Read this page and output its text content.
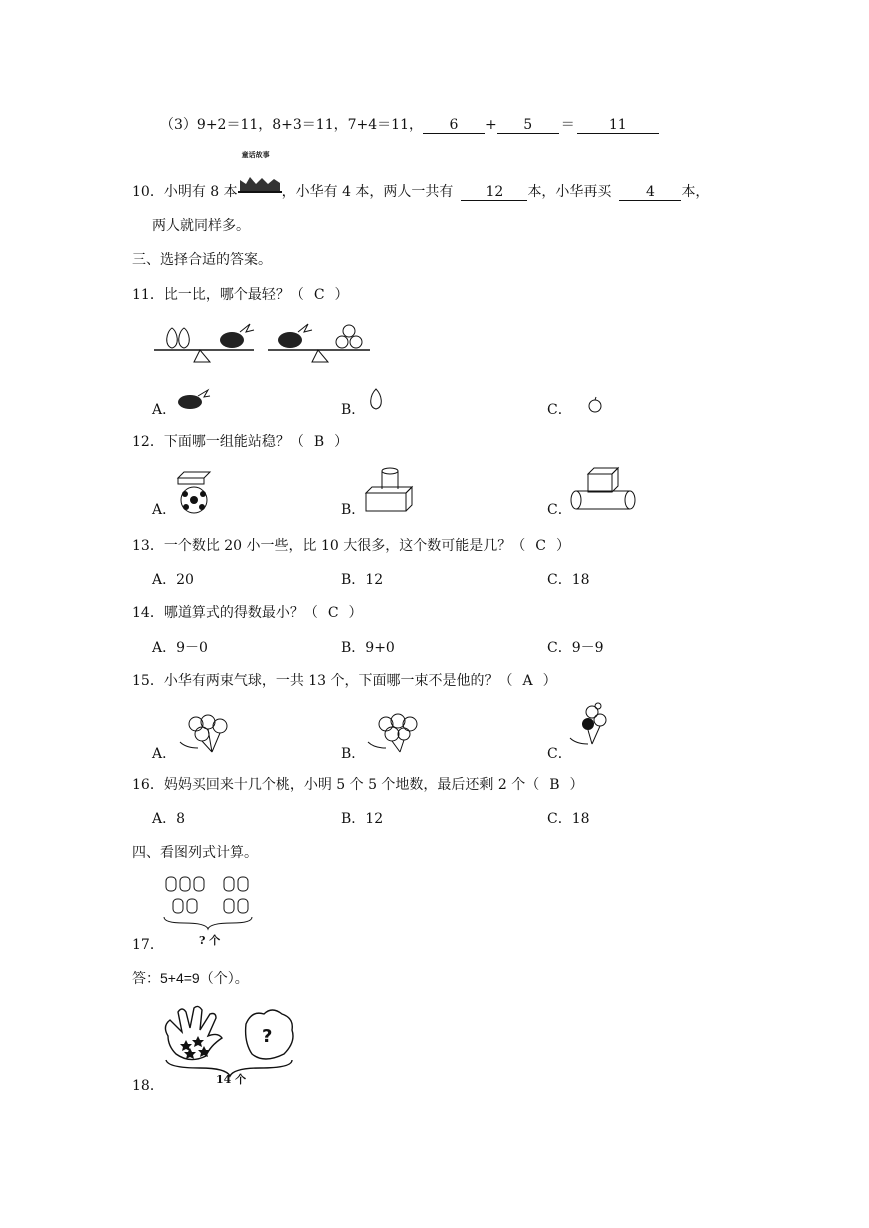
（3）9+2＝11，8+3＝11，7+4＝11， 6 + 5 ＝ 11
10．小明有 8 本
童话故事
，小华有 4 本，两人一共有 12 本，小华再买 4 本，
两人就同样多。
三、选择合适的答案。
11．比一比，哪个最轻？（ C ）
A．	B．	C．
12．下面哪一组能站稳？（ B ）
A．	B．	C．
13．一个数比 20 小一些，比 10 大很多，这个数可能是几？（ C ）
A．20	B．12	C．18
14．哪道算式的得数最小？（ C ）
A．9－0	B．9+0	C．9－9
15．小华有两束气球，一共 13 个，下面哪一束不是他的？（ A ）
A．	B．	C．
16．妈妈买回来十几个桃，小明 5 个 5 个地数，最后还剩 2 个（ B ）
A．8	B．12	C．18
四、看图列式计算。
? 个
17．
答：5+4=9（个）。
?
14 个
18．
